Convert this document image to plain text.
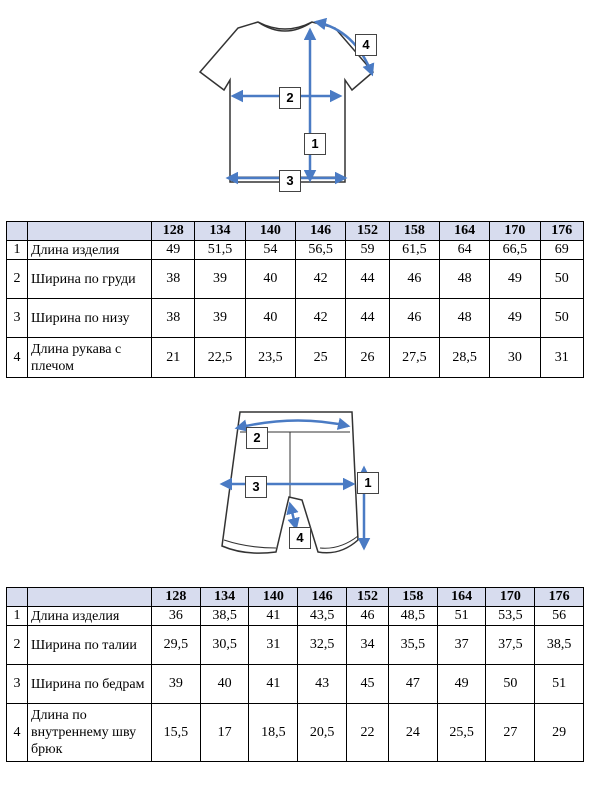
1
2
3
4
1
2
3
4
		128	134	140	146	152	158	164	170	176
1	Длина изделия	49	51,5	54	56,5	59	61,5	64	66,5	69
2	Ширина по груди	38	39	40	42	44	46	48	49	50
3	Ширина по низу	38	39	40	42	44	46	48	49	50
4	Длина рукава с плечом	21	22,5	23,5	25	26	27,5	28,5	30	31
		128	134	140	146	152	158	164	170	176
1	Длина изделия	36	38,5	41	43,5	46	48,5	51	53,5	56
2	Ширина по талии	29,5	30,5	31	32,5	34	35,5	37	37,5	38,5
3	Ширина по бедрам	39	40	41	43	45	47	49	50	51
4	Длина по внутреннему шву брюк	15,5	17	18,5	20,5	22	24	25,5	27	29
